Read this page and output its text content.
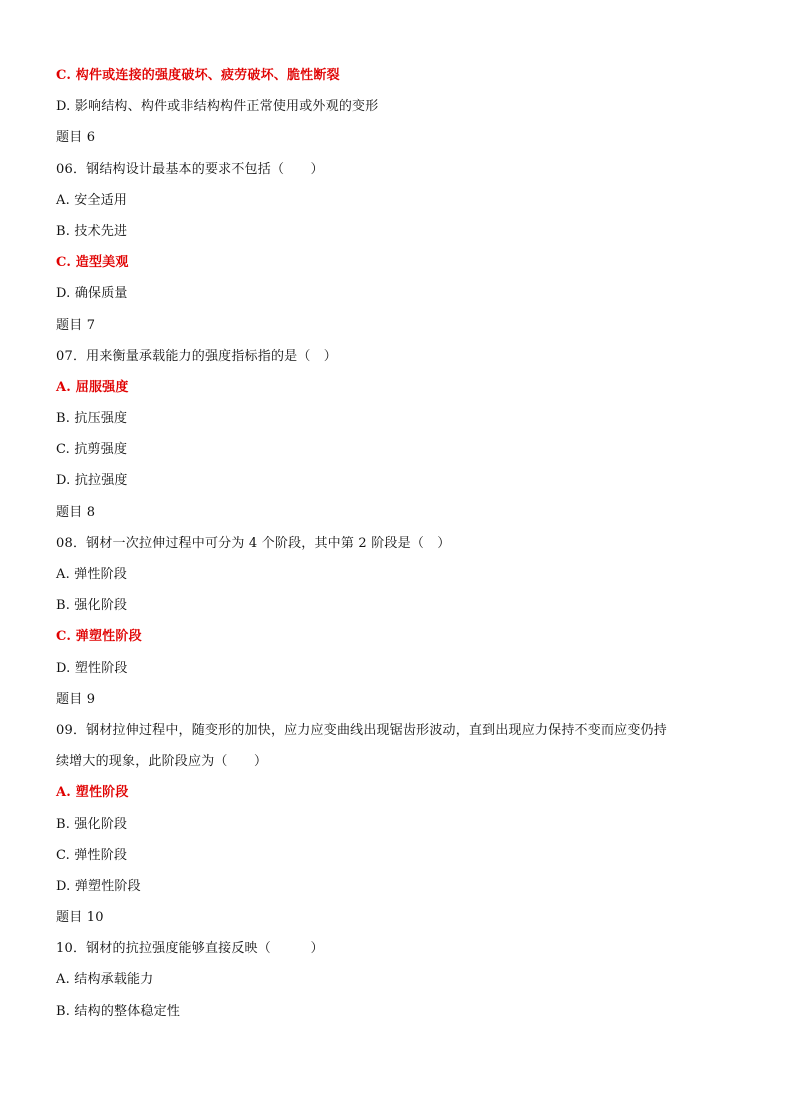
C. 构件或连接的强度破坏、疲劳破坏、脆性断裂
D. 影响结构、构件或非结构构件正常使用或外观的变形
题目 6
06．钢结构设计最基本的要求不包括（　　）
A. 安全适用
B. 技术先进
C. 造型美观
D. 确保质量
题目 7
07．用来衡量承载能力的强度指标指的是（　）
A. 屈服强度
B. 抗压强度
C. 抗剪强度
D. 抗拉强度
题目 8
08．钢材一次拉伸过程中可分为 4 个阶段，其中第 2 阶段是（　）
A. 弹性阶段
B. 强化阶段
C. 弹塑性阶段
D. 塑性阶段
题目 9
09．钢材拉伸过程中，随变形的加快，应力应变曲线出现锯齿形波动，直到出现应力保持不变而应变仍持
续增大的现象，此阶段应为（　　）
A. 塑性阶段
B. 强化阶段
C. 弹性阶段
D. 弹塑性阶段
题目 10
10．钢材的抗拉强度能够直接反映（　　　）
A. 结构承载能力
B. 结构的整体稳定性
